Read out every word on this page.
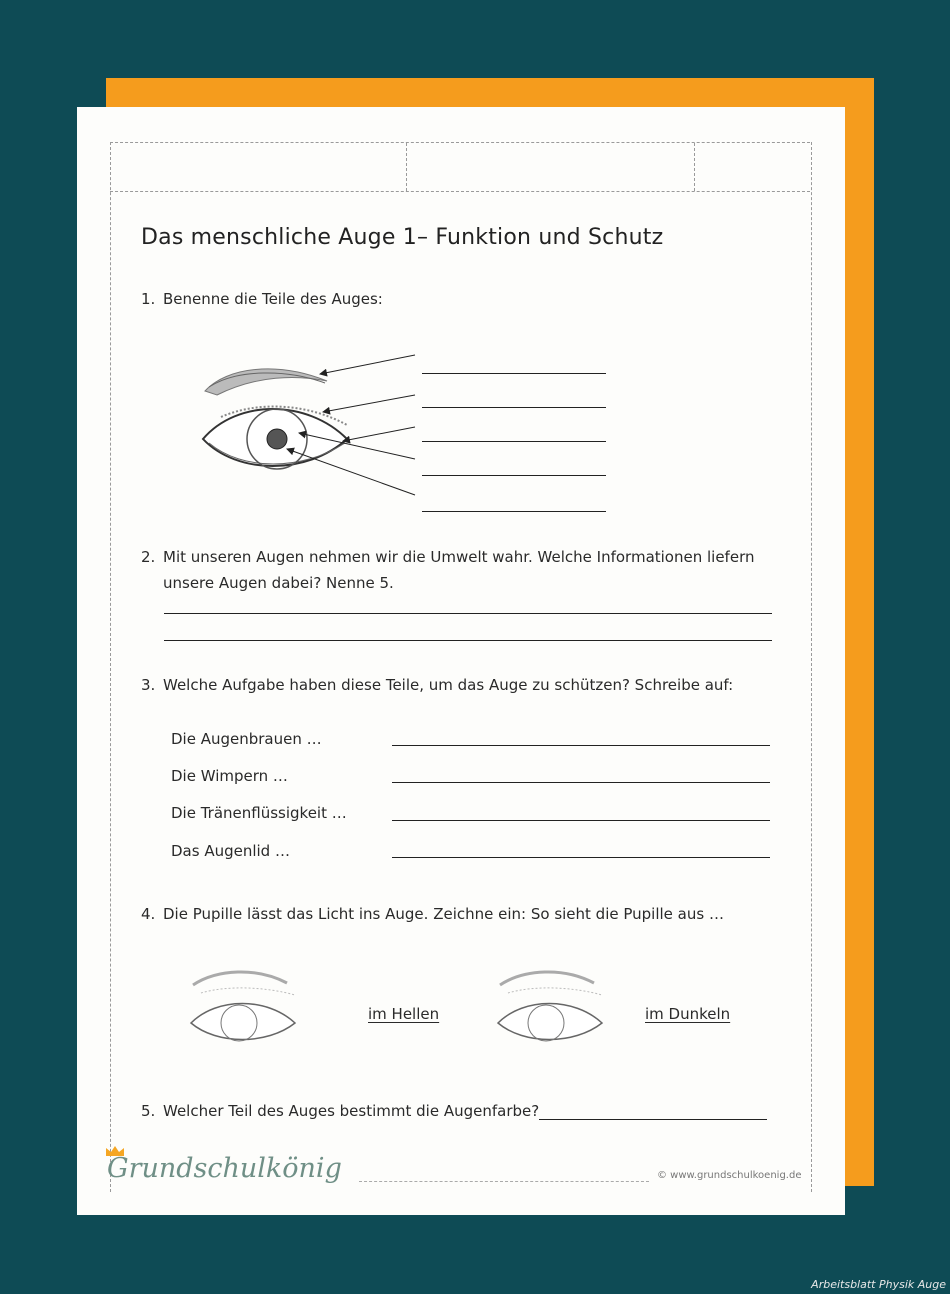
Das menschliche Auge 1– Funktion und Schutz
1. Benenne die Teile des Auges:
2. Mit unseren Augen nehmen wir die Umwelt wahr. Welche Informationen liefern
unsere Augen dabei? Nenne 5.
3. Welche Aufgabe haben diese Teile, um das Auge zu schützen? Schreibe auf:
Die Augenbrauen …
Die Wimpern …
Die Tränenflüssigkeit …
Das Augenlid …
4. Die Pupille lässt das Licht ins Auge. Zeichne ein: So sieht die Pupille aus …
im Hellen	im Dunkeln
5. Welcher Teil des Auges bestimmt die Augenfarbe?
Grundschulkönig	© www.grundschulkoenig.de
Arbeitsblatt Physik Auge
